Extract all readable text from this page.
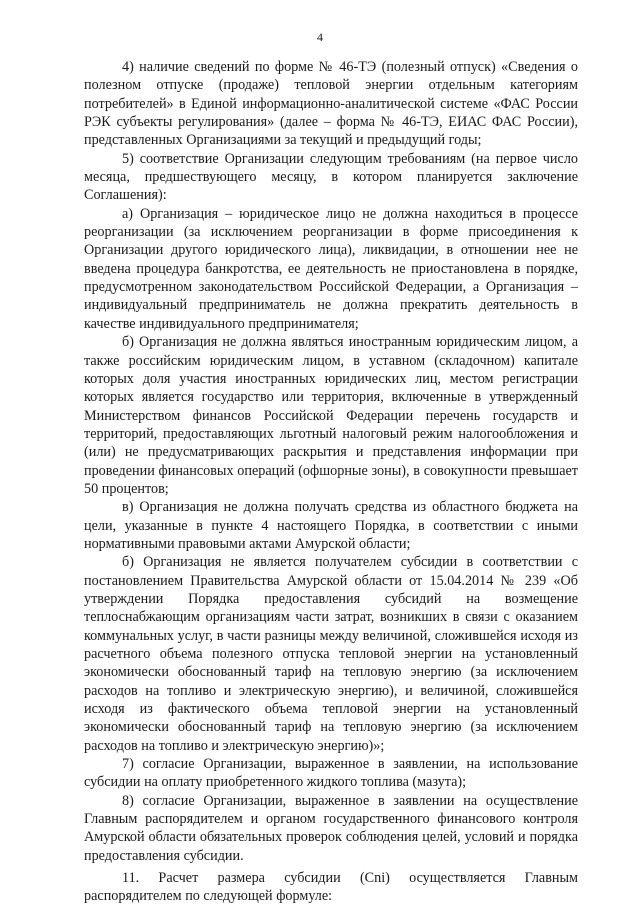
4

4) наличие сведений по форме № 46-ТЭ (полезный отпуск) «Сведения о полезном отпуске (продаже) тепловой энергии отдельным категориям потребителей» в Единой информационно-аналитической системе «ФАС России РЭК субъекты регулирования» (далее – форма № 46-ТЭ, ЕИАС ФАС России), представленных Организациями за текущий и предыдущий годы;

5) соответствие Организации следующим требованиям (на первое число месяца, предшествующего месяцу, в котором планируется заключение Соглашения):

а) Организация – юридическое лицо не должна находиться в процессе реорганизации (за исключением реорганизации в форме присоединения к Организации другого юридического лица), ликвидации, в отношении нее не введена процедура банкротства, ее деятельность не приостановлена в порядке, предусмотренном законодательством Российской Федерации, а Организация – индивидуальный предприниматель не должна прекратить деятельность в качестве индивидуального предпринимателя;

б) Организация не должна являться иностранным юридическим лицом, а также российским юридическим лицом, в уставном (складочном) капитале которых доля участия иностранных юридических лиц, местом регистрации которых является государство или территория, включенные в утвержденный Министерством финансов Российской Федерации перечень государств и территорий, предоставляющих льготный налоговый режим налогообложения и (или) не предусматривающих раскрытия и представления информации при проведении финансовых операций (офшорные зоны), в совокупности превышает 50 процентов;

в) Организация не должна получать средства из областного бюджета на цели, указанные в пункте 4 настоящего Порядка, в соответствии с иными нормативными правовыми актами Амурской области;

б) Организация не является получателем субсидии в соответствии с постановлением Правительства Амурской области от 15.04.2014 № 239 «Об утверждении Порядка предоставления субсидий на возмещение теплоснабжающим организациям части затрат, возникших в связи с оказанием коммунальных услуг, в части разницы между величиной, сложившейся исходя из расчетного объема полезного отпуска тепловой энергии на установленный экономически обоснованный тариф на тепловую энергию (за исключением расходов на топливо и электрическую энергию), и величиной, сложившейся исходя из фактического объема тепловой энергии на установленный экономически обоснованный тариф на тепловую энергию (за исключением расходов на топливо и электрическую энергию)»;

7) согласие Организации, выраженное в заявлении, на использование субсидии на оплату приобретенного жидкого топлива (мазута);

8) согласие Организации, выраженное в заявлении на осуществление Главным распорядителем и органом государственного финансового контроля Амурской области обязательных проверок соблюдения целей, условий и порядка предоставления субсидии.

11. Расчет размера субсидии (Сni) осуществляется Главным распорядителем по следующей формуле:
